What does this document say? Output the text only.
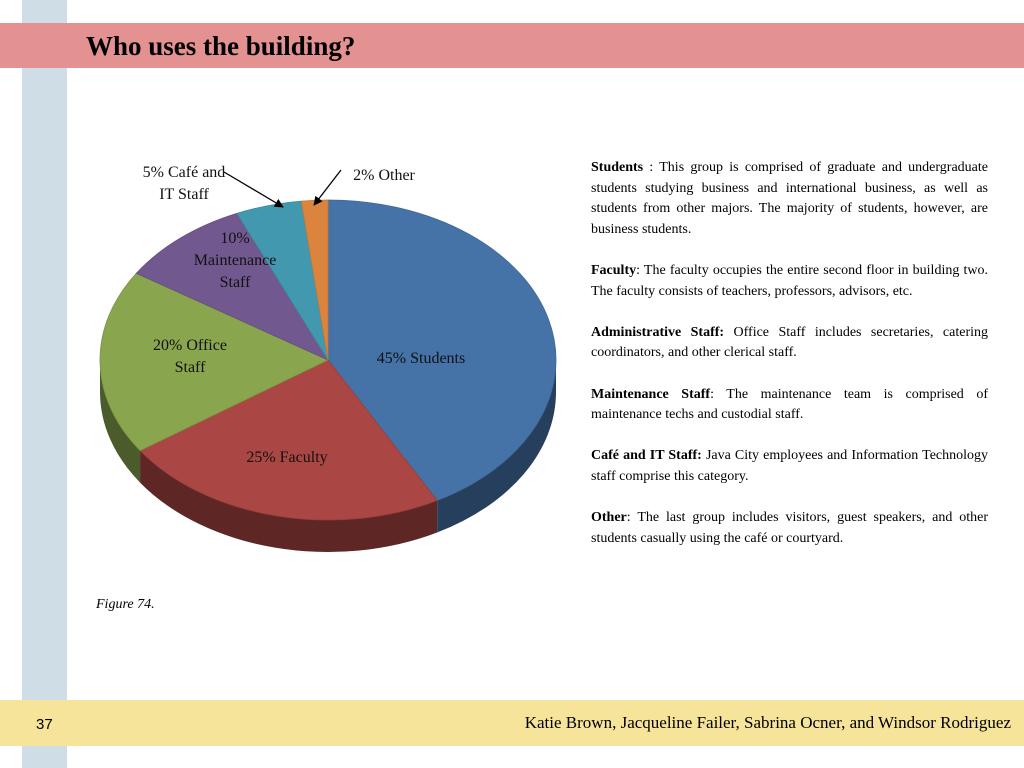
Who uses the building?
45% Students
25% Faculty
20% Office Staff
10% Maintenance Staff
5% Café and IT Staff
2% Other
Figure 74.

Students : This group is comprised of graduate and undergraduate students studying business and international business, as well as students from other majors. The majority of students, however, are business students.

Faculty: The faculty occupies the entire second floor in building two. The faculty consists of teachers, professors, advisors, etc.

Administrative Staff: Office Staff includes secretaries, catering coordinators, and other clerical staff.

Maintenance Staff: The maintenance team is comprised of maintenance techs and custodial staff.

Café and IT Staff: Java City employees and Information Technology staff comprise this category.

Other: The last group includes visitors, guest speakers, and other students casually using the café or courtyard.

37	Katie Brown, Jacqueline Failer, Sabrina Ocner, and Windsor Rodriguez
